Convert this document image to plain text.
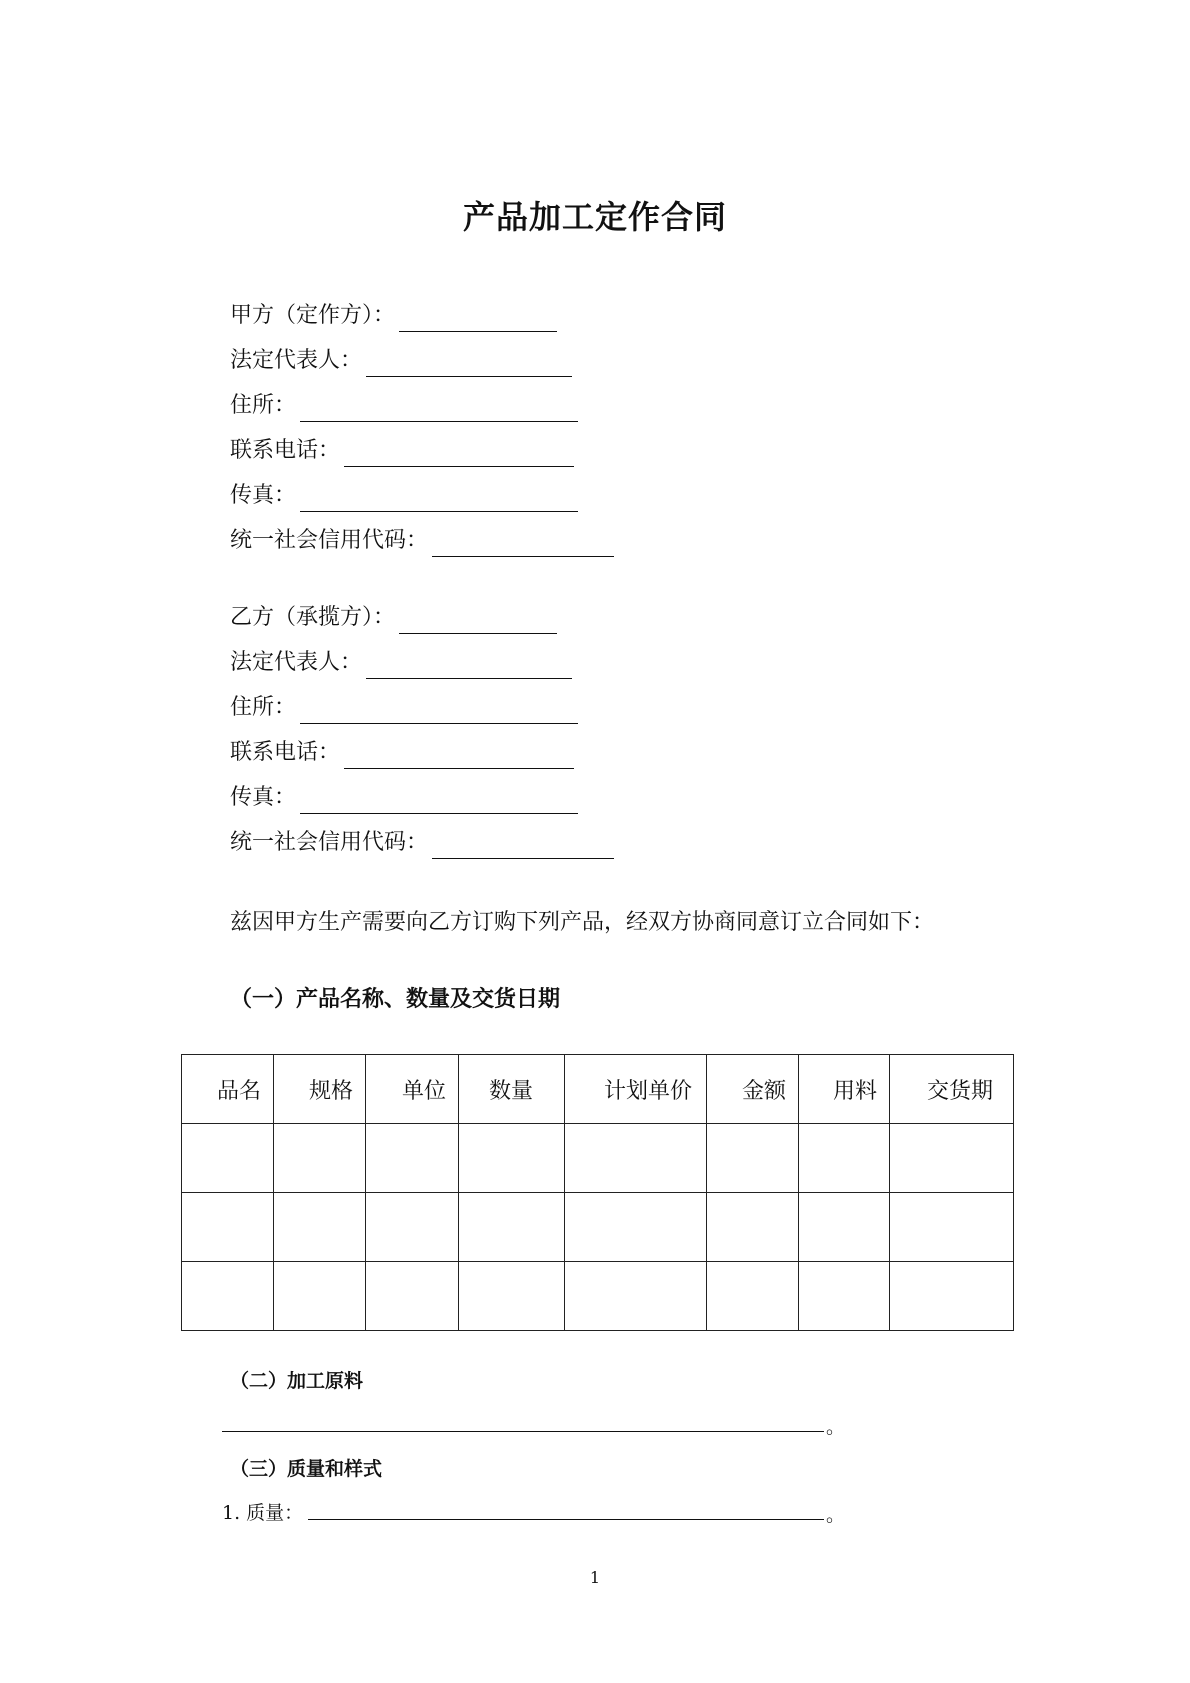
产品加工定作合同
甲方（定作方）：
法定代表人：
住所：
联系电话：
传真：
统一社会信用代码：
乙方（承揽方）：
法定代表人：
住所：
联系电话：
传真：
统一社会信用代码：
兹因甲方生产需要向乙方订购下列产品，经双方协商同意订立合同如下：
（一）产品名称、数量及交货日期
品名	规格	单位	数量	计划单价	金额	用料	交货期

（二）加工原料
。
（三）质量和样式
1. 质量：	。
1
